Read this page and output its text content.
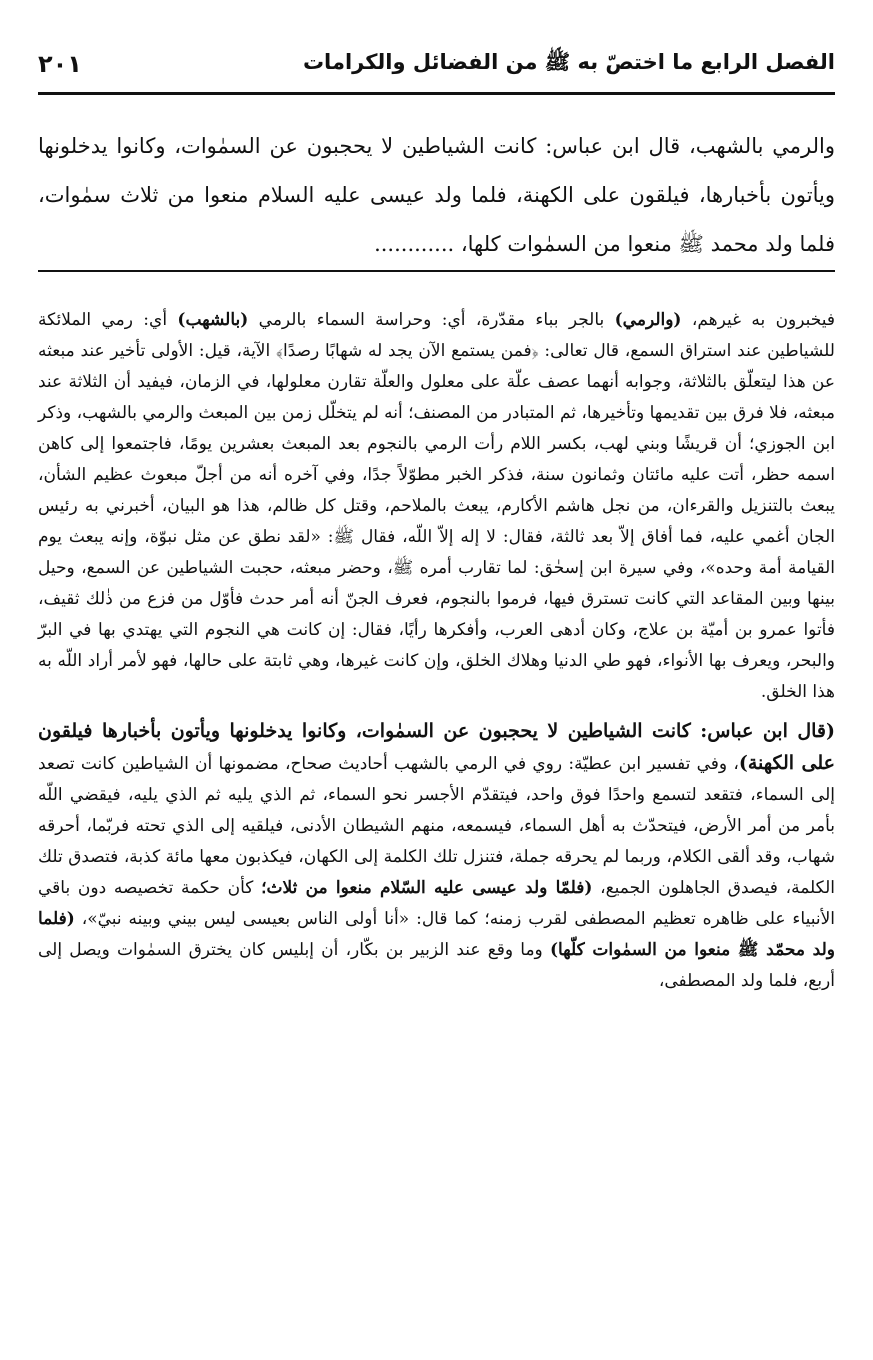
الفصل الرابع ما اختصّ به ﷺ من الفضائل والكرامات
٢٠١

والرمي بالشهب، قال ابن عباس: كانت الشياطين لا يحجبون عن السمٰوات، وكانوا يدخلونها ويأتون بأخبارها، فيلقون على الكهنة، فلما ولد عيسى عليه السلام منعوا من ثلاث سمٰوات، فلما ولد محمد ﷺ منعوا من السمٰوات كلها، ............

فيخبرون به غيرهم، (والرمي) بالجر بباء مقدّرة، أي: وحراسة السماء بالرمي (بالشهب) أي: رمي الملائكة للشياطين عند استراق السمع، قال تعالى: ﴿فمن يستمع الآن يجد له شهابًا رصدًا﴾ الآية، قيل: الأولى تأخير عند مبعثه عن هذا ليتعلّق بالثلاثة، وجوابه أنهما عصف علّة على معلول والعلّة تقارن معلولها، في الزمان، فيفيد أن الثلاثة عند مبعثه، فلا فرق بين تقديمها وتأخيرها، ثم المتبادر من المصنف؛ أنه لم يتخلّل زمن بين المبعث والرمي بالشهب، وذكر ابن الجوزي؛ أن قريشًا وبني لهب، بكسر اللام رأت الرمي بالنجوم بعد المبعث بعشرين يومًا، فاجتمعوا إلى كاهن اسمه حظر، أتت عليه مائتان وثمانون سنة، فذكر الخبر مطوّلاً جدًا، وفي آخره أنه من أجلّ مبعوث عظيم الشأن، يبعث بالتنزيل والقرءان، من نجل هاشم الأكارم، يبعث بالملاحم، وقتل كل ظالم، هذا هو البيان، أخبرني به رئيس الجان أغمي عليه، فما أفاق إلاّ بعد ثالثة، فقال: لا إله إلاّ اللّه، فقال ﷺ: «لقد نطق عن مثل نبوّة، وإنه يبعث يوم القيامة أمة وحده»، وفي سيرة ابن إسحٰق: لما تقارب أمره ﷺ، وحضر مبعثه، حجبت الشياطين عن السمع، وحيل بينها وبين المقاعد التي كانت تسترق فيها، فرموا بالنجوم، فعرف الجنّ أنه أمر حدث فأوّل من فزع من ذٰلك ثقيف، فأتوا عمرو بن أميّة بن علاج، وكان أدهى العرب، وأفكرها رأيًا، فقال: إن كانت هي النجوم التي يهتدي بها في البرّ والبحر، ويعرف بها الأنواء، فهو طي الدنيا وهلاك الخلق، وإن كانت غيرها، وهي ثابتة على حالها، فهو لأمر أراد اللّه به هذا الخلق.

(قال ابن عباس: كانت الشياطين لا يحجبون عن السمٰوات، وكانوا يدخلونها ويأتون بأخبارها فيلقون على الكهنة)، وفي تفسير ابن عطيّة: روي في الرمي بالشهب أحاديث صحاح، مضمونها أن الشياطين كانت تصعد إلى السماء، فتقعد لتسمع واحدًا فوق واحد، فيتقدّم الأجسر نحو السماء، ثم الذي يليه ثم الذي يليه، فيقضي اللّه بأمر من أمر الأرض، فيتحدّث به أهل السماء، فيسمعه، منهم الشيطان الأدنى، فيلقيه إلى الذي تحته فربّما، أحرقه شهاب، وقد ألقى الكلام، وربما لم يحرقه جملة، فتنزل تلك الكلمة إلى الكهان، فيكذبون معها مائة كذبة، فتصدق تلك الكلمة، فيصدق الجاهلون الجميع، (فلمّا ولد عيسى عليه السّلام منعوا من ثلاث؛ كأن حكمة تخصيصه دون باقي الأنبياء على ظاهره تعظيم المصطفى لقرب زمنه؛ كما قال: «أنا أولى الناس بعيسى ليس بيني وبينه نبيّ»، (فلما ولد محمّد ﷺ منعوا من السمٰوات كلّها) وما وقع عند الزبير بن بكّار، أن إبليس كان يخترق السمٰوات ويصل إلى أربع، فلما ولد المصطفى،
